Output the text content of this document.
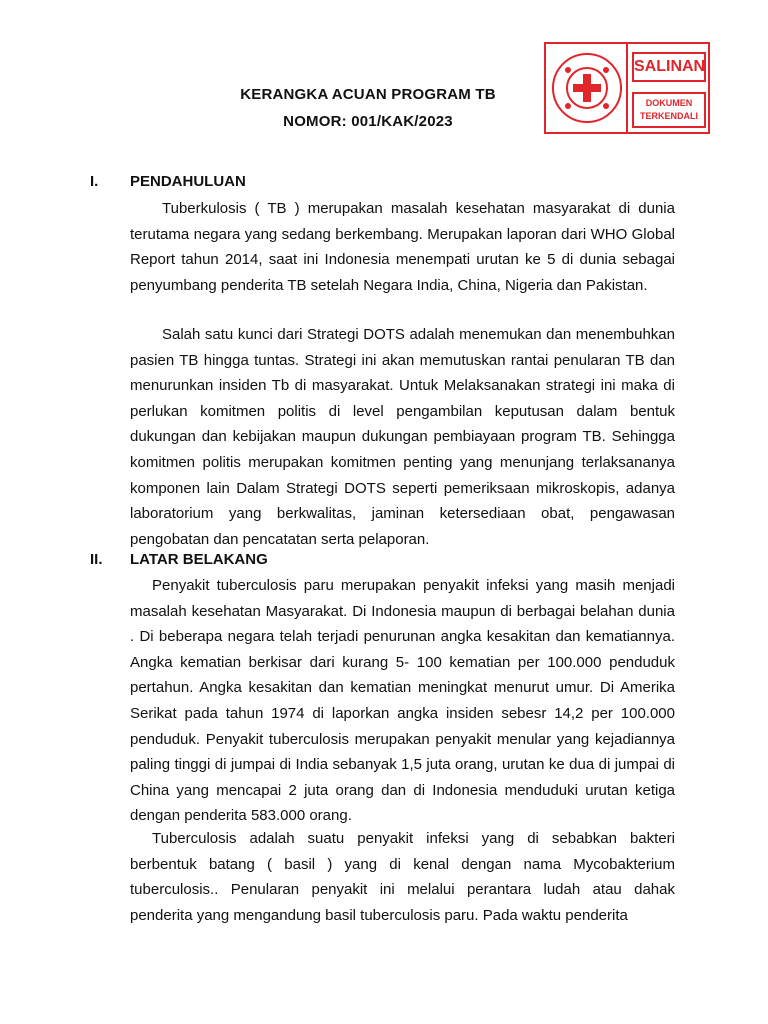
SALINAN
DOKUMEN
TERKENDALI
KERANGKA ACUAN PROGRAM TB
NOMOR: 001/KAK/2023
I. PENDAHULUAN

Tuberkulosis ( TB ) merupakan masalah kesehatan masyarakat di dunia terutama negara yang sedang berkembang. Merupakan laporan dari WHO Global Report tahun 2014, saat ini Indonesia menempati urutan ke 5 di dunia sebagai penyumbang penderita TB setelah Negara India, China, Nigeria dan Pakistan.

Salah satu kunci dari Strategi DOTS adalah menemukan dan menembuhkan pasien TB hingga tuntas. Strategi ini akan memutuskan rantai penularan TB dan menurunkan insiden Tb di masyarakat. Untuk Melaksanakan strategi ini maka di perlukan komitmen politis di level pengambilan keputusan dalam bentuk dukungan dan kebijakan maupun dukungan pembiayaan program TB. Sehingga komitmen politis merupakan komitmen penting yang menunjang terlaksananya komponen lain Dalam Strategi DOTS seperti pemeriksaan mikroskopis, adanya laboratorium yang berkwalitas, jaminan ketersediaan obat, pengawasan pengobatan dan pencatatan serta pelaporan.

II. LATAR BELAKANG

Penyakit tuberculosis paru merupakan penyakit infeksi yang masih menjadi masalah kesehatan Masyarakat. Di Indonesia maupun di berbagai belahan dunia . Di beberapa negara telah terjadi penurunan angka kesakitan dan kematiannya. Angka kematian berkisar dari kurang 5- 100 kematian per 100.000 penduduk pertahun. Angka kesakitan dan kematian meningkat menurut umur. Di Amerika Serikat pada tahun 1974 di laporkan angka insiden sebesr 14,2 per 100.000 penduduk. Penyakit tuberculosis merupakan penyakit menular yang kejadiannya paling tinggi di jumpai di India sebanyak 1,5 juta orang, urutan ke dua di jumpai di China yang mencapai 2 juta orang dan di Indonesia menduduki urutan ketiga dengan penderita 583.000 orang.

Tuberculosis adalah suatu penyakit infeksi yang di sebabkan bakteri berbentuk batang ( basil ) yang di kenal dengan nama Mycobakterium tuberculosis.. Penularan penyakit ini melalui perantara ludah atau dahak penderita yang mengandung basil tuberculosis paru. Pada waktu penderita
